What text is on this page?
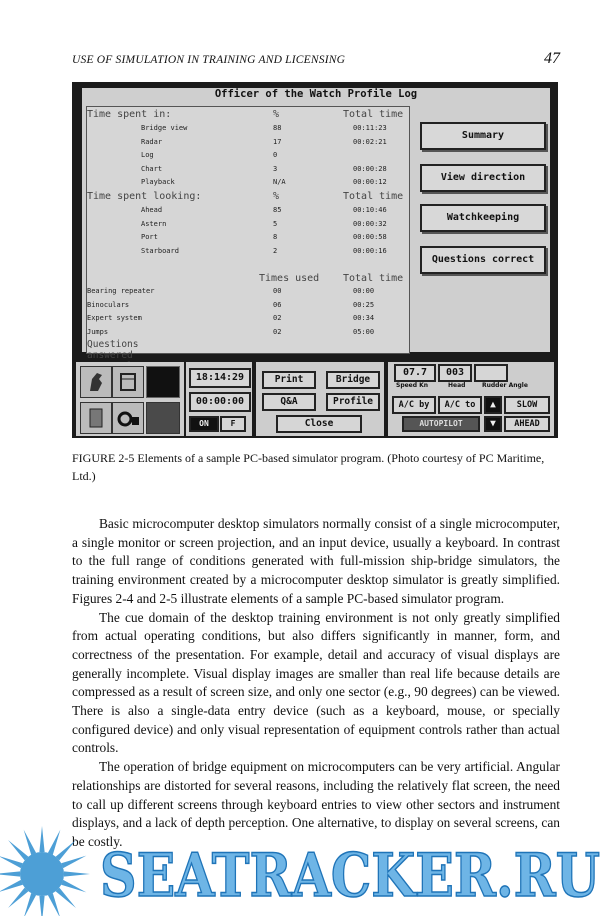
USE OF SIMULATION IN TRAINING AND LICENSING	47
Officer of the Watch Profile Log
Time spent in:	%	Total time
Bridge view	88	00:11:23
Radar	17	00:02:21
Log	0
Chart	3	00:00:28
Playback	N/A	00:00:12
Time spent looking:	%	Total time
Ahead	85	00:10:46
Astern	5	00:00:32
Port	8	00:00:58
Starboard	2	00:00:16
Times used Total time
Bearing repeater	00	00:00
Binoculars	06	00:25
Expert system	02	00:34
Jumps	02	05:00
Questions answered
Summary
View direction
Watchkeeping
Questions correct
18:14:29
00:00:00
ON	F
Print	Bridge
Q&A	Profile
Close
07.7	003
Speed Kn	Head	Rudder Angle
A/C by	A/C to	▲	SLOW
AUTOPILOT	▼	AHEAD
FIGURE 2-5 Elements of a sample PC-based simulator program. (Photo courtesy of PC Maritime, Ltd.)

Basic microcomputer desktop simulators normally consist of a single microcomputer, a single monitor or screen projection, and an input device, usually a keyboard. In contrast to the full range of conditions generated with full-mission ship-bridge simulators, the training environment created by a microcomputer desktop simulator is greatly simplified. Figures 2-4 and 2-5 illustrate elements of a sample PC-based simulator program.

The cue domain of the desktop training environment is not only greatly simplified from actual operating conditions, but also differs significantly in manner, form, and correctness of the presentation. For example, detail and accuracy of visual displays are generally incomplete. Visual display images are smaller than real life because details are compressed as a result of screen size, and only one sector (e.g., 90 degrees) can be viewed. There is also a single-data entry device (such as a keyboard, mouse, or specially configured device) and only visual representation of equipment controls rather than actual controls.

The operation of bridge equipment on microcomputers can be very artificial. Angular relationships are distorted for several reasons, including the relatively flat screen, the need to call up different screens through keyboard entries to view other sectors and instrument displays, and a lack of depth perception. One alternative, to display on several screens, can be costly.

SEATRACKER.RU
